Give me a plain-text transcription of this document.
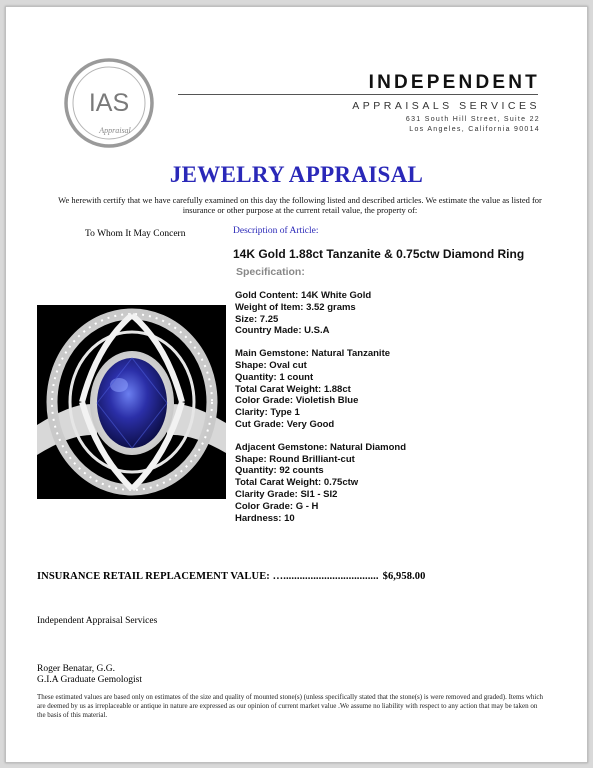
IAS
Appraisal
INDEPENDENT
APPRAISALS SERVICES
631 South Hill Street, Suite 22
Los Angeles, California 90014
JEWELRY APPRAISAL
We herewith certify that we have carefully examined on this day the following listed and described articles. We estimate the value as listed for insurance or other purpose at the current retail value, the property of:
To Whom It May Concern	Description of Article:
14K Gold 1.88ct Tanzanite & 0.75ctw Diamond Ring
Specification:
Gold Content: 14K White Gold
Weight of Item: 3.52 grams
Size: 7.25
Country Made: U.S.A
Main Gemstone: Natural Tanzanite
Shape: Oval cut
Quantity: 1 count
Total Carat Weight: 1.88ct
Color Grade: Violetish Blue
Clarity: Type 1
Cut Grade: Very Good
Adjacent Gemstone: Natural Diamond
Shape: Round Brilliant-cut
Quantity: 92 counts
Total Carat Weight: 0.75ctw
Clarity Grade: SI1 - SI2
Color Grade: G - H
Hardness: 10
INSURANCE RETAIL REPLACEMENT VALUE: …................................... $6,958.00
Independent Appraisal Services
Roger Benatar, G.G.
G.I.A Graduate Gemologist
These estimated values are based only on estimates of the size and quality of mounted stone(s) (unless specifically stated that the stone(s) is were removed and graded). Items which are deemed by us as irreplaceable or antique in nature are expressed as our opinion of current market value .We assume no liability with respect to any action that may be taken on the basis of this material.
